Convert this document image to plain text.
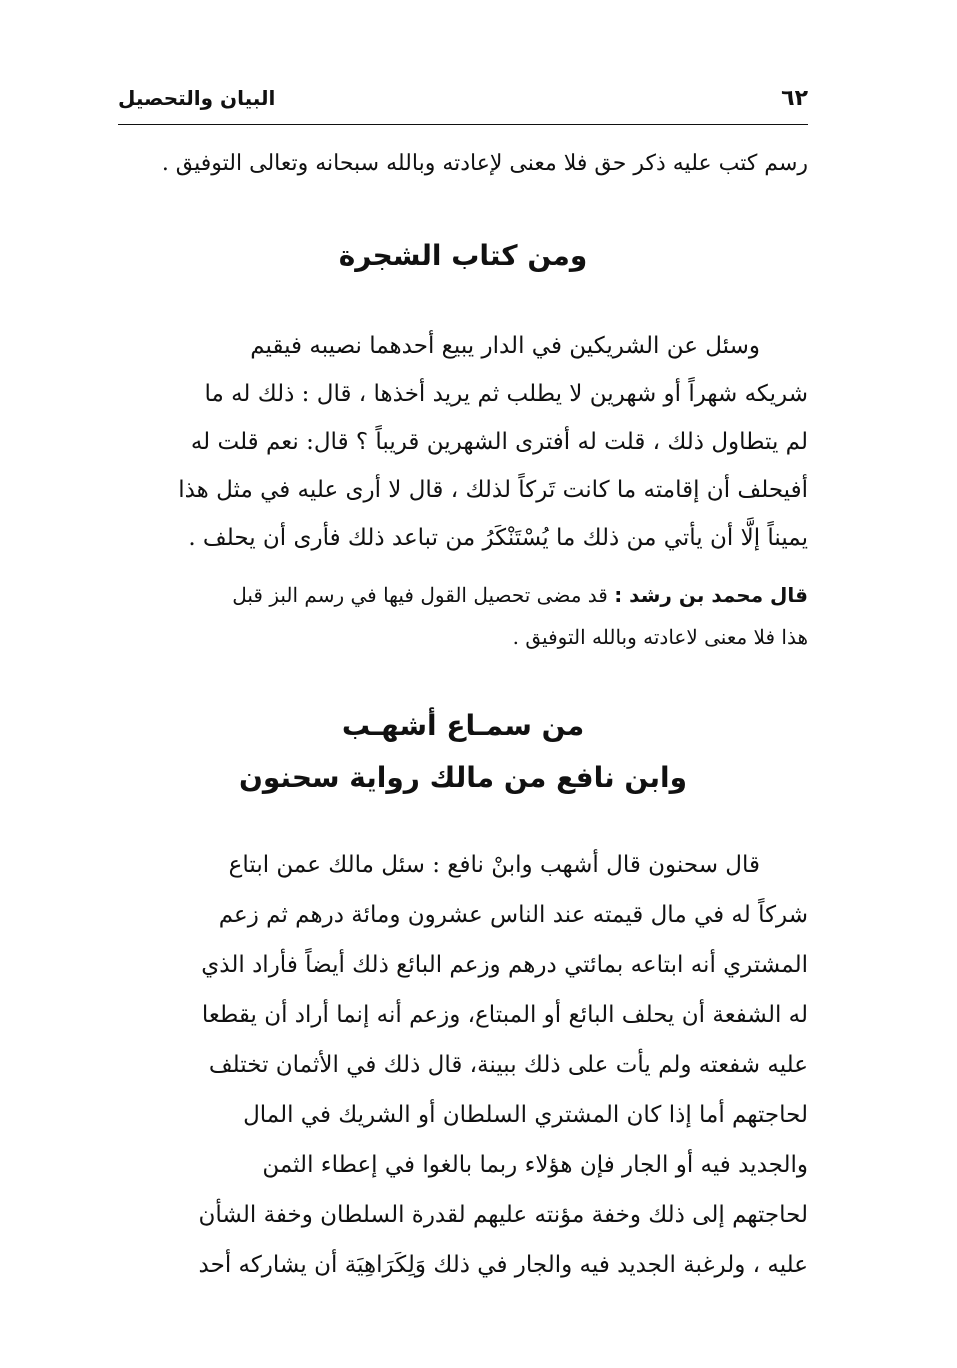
٦٢
البيان والتحصيل

رسم كتب عليه ذكر حق فلا معنى لإعادته وبالله سبحانه وتعالى التوفيق .

ومن كتاب الشجرة

وسئل عن الشريكين في الدار يبيع أحدهما نصيبه فيقيم
شريكه شهراً أو شهرين لا يطلب ثم يريد أخذها ، قال : ذلك له ما
لم يتطاول ذلك ، قلت له أفترى الشهرين قريباً ؟ قال: نعم قلت له
أفيحلف أن إقامته ما كانت تَركاً لذلك ، قال لا أرى عليه في مثل هذا
يميناً إلَّا أن يأتي من ذلك ما يُسْتَنْكَرُ من تباعد ذلك فأرى أن يحلف .

قال محمد بن رشد : قد مضى تحصيل القول فيها في رسم البز قبل
هذا فلا معنى لاعادته وبالله التوفيق .

من سمـاع أشهـب
وابن نافع من مالك رواية سحنون

قال سحنون قال أشهب وابنْ نافع : سئل مالك عمن ابتاع
شركاً له في مال قيمته عند الناس عشرون ومائة درهم ثم زعم
المشتري أنه ابتاعه بمائتي درهم وزعم البائع ذلك أيضاً فأراد الذي
له الشفعة أن يحلف البائع أو المبتاع، وزعم أنه إنما أراد أن يقطعا
عليه شفعته ولم يأت على ذلك ببينة، قال ذلك في الأثمان تختلف
لحاجتهم أما إذا كان المشتري السلطان أو الشريك في المال
والجديد فيه أو الجار فإن هؤلاء ربما بالغوا في إعطاء الثمن
لحاجتهم إلى ذلك وخفة مؤنته عليهم لقدرة السلطان وخفة الشأن
عليه ، ولرغبة الجديد فيه والجار في ذلك وَلِكَرَاهِيَة أن يشاركه أحد
